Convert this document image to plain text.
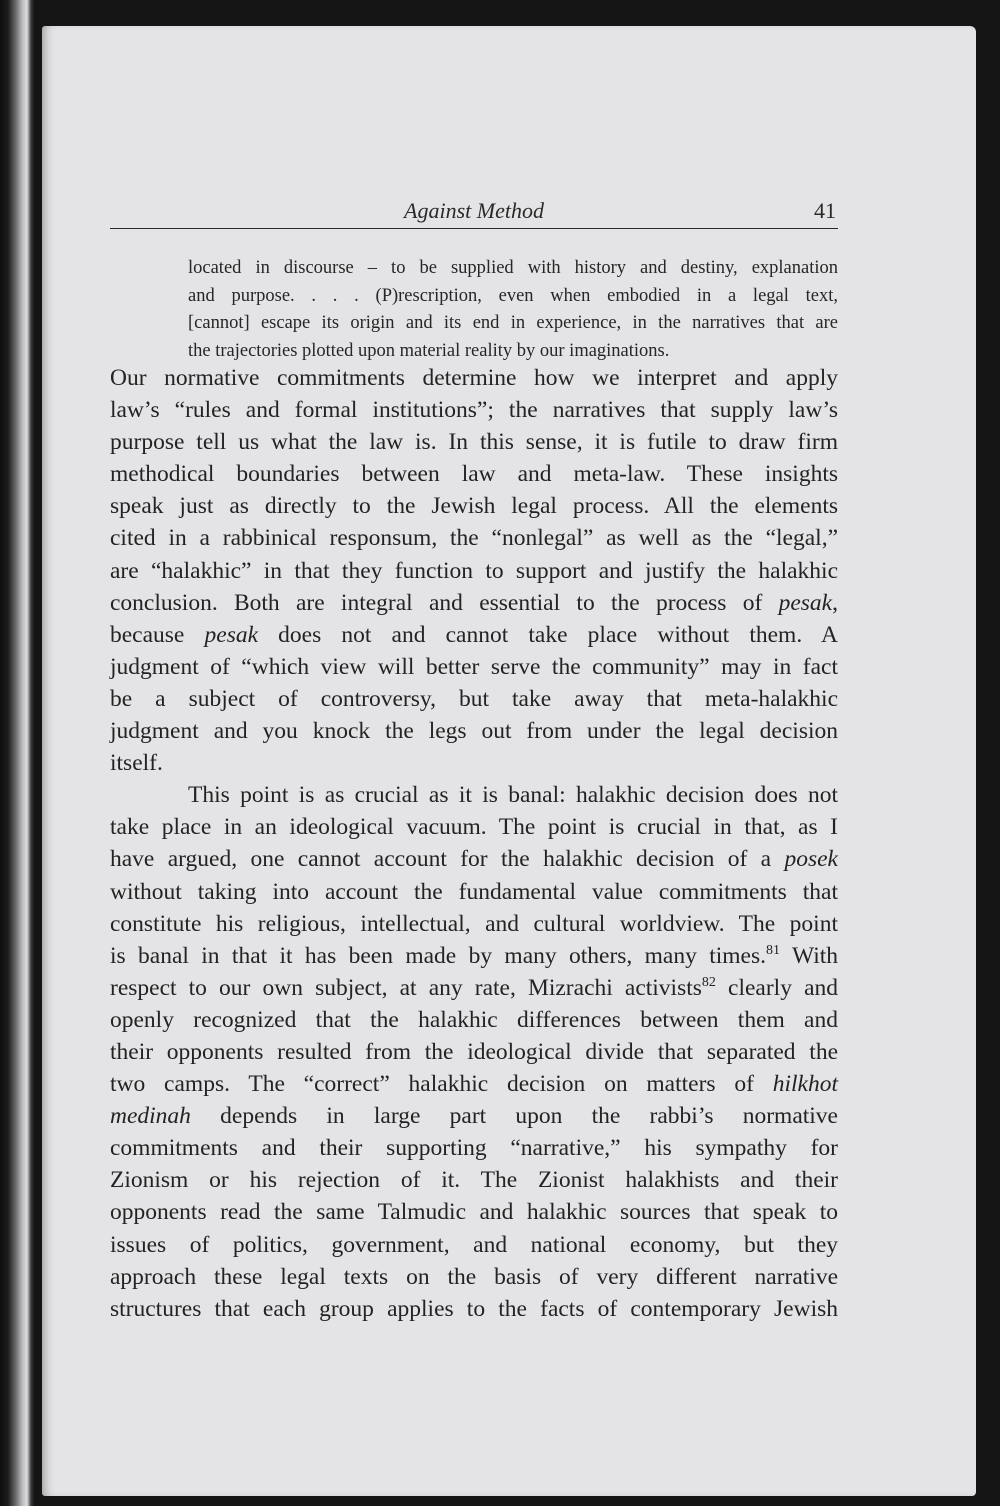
Against Method	41
located in discourse – to be supplied with history and destiny, explanation
and purpose. . . . (P)rescription, even when embodied in a legal text,
[cannot] escape its origin and its end in experience, in the narratives that are
the trajectories plotted upon material reality by our imaginations.
Our normative commitments determine how we interpret and apply
law’s “rules and formal institutions”; the narratives that supply law’s
purpose tell us what the law is. In this sense, it is futile to draw firm
methodical boundaries between law and meta-law. These insights
speak just as directly to the Jewish legal process. All the elements
cited in a rabbinical responsum, the “nonlegal” as well as the “legal,”
are “halakhic” in that they function to support and justify the halakhic
conclusion. Both are integral and essential to the process of pesak,
because pesak does not and cannot take place without them. A
judgment of “which view will better serve the community” may in fact
be a subject of controversy, but take away that meta-halakhic
judgment and you knock the legs out from under the legal decision
itself.
This point is as crucial as it is banal: halakhic decision does not
take place in an ideological vacuum. The point is crucial in that, as I
have argued, one cannot account for the halakhic decision of a posek
without taking into account the fundamental value commitments that
constitute his religious, intellectual, and cultural worldview. The point
is banal in that it has been made by many others, many times.$^{81}$ With
respect to our own subject, at any rate, Mizrachi activists$^{82}$ clearly and
openly recognized that the halakhic differences between them and
their opponents resulted from the ideological divide that separated the
two camps. The “correct” halakhic decision on matters of hilkhot
medinah depends in large part upon the rabbi’s normative
commitments and their supporting “narrative,” his sympathy for
Zionism or his rejection of it. The Zionist halakhists and their
opponents read the same Talmudic and halakhic sources that speak to
issues of politics, government, and national economy, but they
approach these legal texts on the basis of very different narrative
structures that each group applies to the facts of contemporary Jewish
